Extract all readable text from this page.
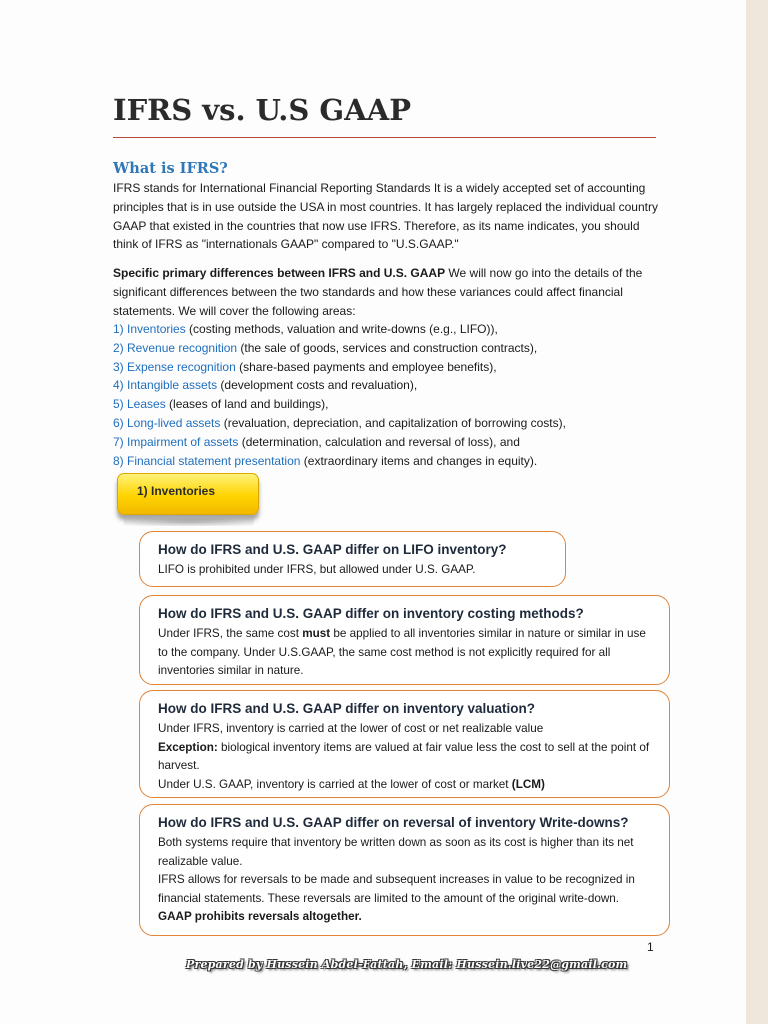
IFRS vs. U.S GAAP
What is IFRS?
IFRS stands for International Financial Reporting Standards It is a widely accepted set of accounting principles that is in use outside the USA in most countries. It has largely replaced the individual country GAAP that existed in the countries that now use IFRS. Therefore, as its name indicates, you should think of IFRS as "internationals GAAP" compared to "U.S.GAAP."
Specific primary differences between IFRS and U.S. GAAP We will now go into the details of the significant differences between the two standards and how these variances could affect financial statements. We will cover the following areas:
1) Inventories (costing methods, valuation and write-downs (e.g., LIFO)),
2) Revenue recognition (the sale of goods, services and construction contracts),
3) Expense recognition (share-based payments and employee benefits),
4) Intangible assets (development costs and revaluation),
5) Leases (leases of land and buildings),
6) Long-lived assets (revaluation, depreciation, and capitalization of borrowing costs),
7) Impairment of assets (determination, calculation and reversal of loss), and
8) Financial statement presentation (extraordinary items and changes in equity).
1) Inventories
How do IFRS and U.S. GAAP differ on LIFO inventory?
LIFO is prohibited under IFRS, but allowed under U.S. GAAP.
How do IFRS and U.S. GAAP differ on inventory costing methods?
Under IFRS, the same cost must be applied to all inventories similar in nature or similar in use to the company. Under U.S.GAAP, the same cost method is not explicitly required for all inventories similar in nature.
How do IFRS and U.S. GAAP differ on inventory valuation?
Under IFRS, inventory is carried at the lower of cost or net realizable value
Exception: biological inventory items are valued at fair value less the cost to sell at the point of harvest.
Under U.S. GAAP, inventory is carried at the lower of cost or market (LCM)
How do IFRS and U.S. GAAP differ on reversal of inventory Write-downs?
Both systems require that inventory be written down as soon as its cost is higher than its net realizable value.
IFRS allows for reversals to be made and subsequent increases in value to be recognized in financial statements. These reversals are limited to the amount of the original write-down. GAAP prohibits reversals altogether.
1
Prepared by Hussein Abdel-Fattah, Email: Hussein.live22@gmail.com
